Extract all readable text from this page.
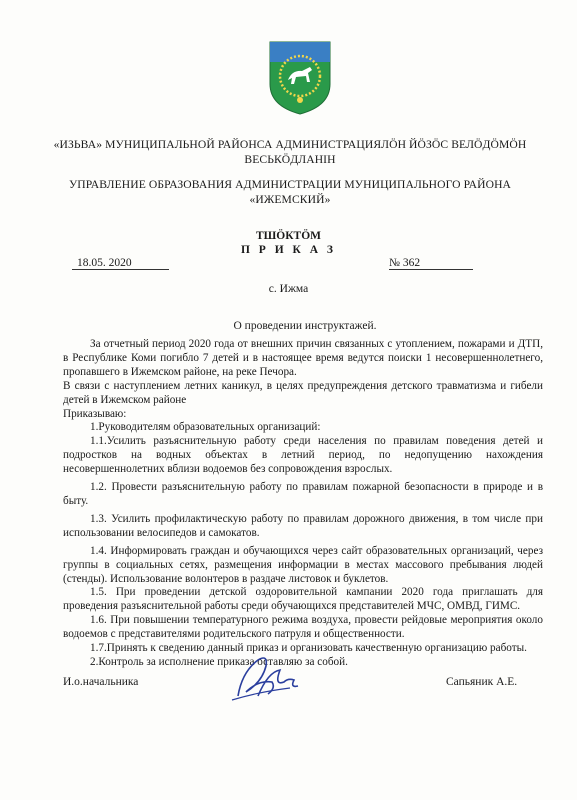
«ИЗЬВА» МУНИЦИПАЛЬНОЙ РАЙОНСА АДМИНИСТРАЦИЯЛӦН ЙӦЗӦС ВЕЛӦДӦМӦН ВЕСЬКӦДЛАНІН
УПРАВЛЕНИЕ ОБРАЗОВАНИЯ АДМИНИСТРАЦИИ МУНИЦИПАЛЬНОГО РАЙОНА «ИЖЕМСКИЙ»
ТШӦКТӦМ
П Р И К А З
18.05. 2020	№ 362
с. Ижма
О проведении инструктажей.

За отчетный период 2020 года от внешних причин связанных с утоплением, пожарами и ДТП, в Республике Коми погибло 7 детей и в настоящее время ведутся поиски 1 несовершеннолетнего, пропавшего в Ижемском районе, на реке Печора.

В связи с наступлением летних каникул, в целях предупреждения детского травматизма и гибели детей в Ижемском районе

Приказываю:

1.Руководителям образовательных организаций:

1.1.Усилить разъяснительную работу среди населения по правилам поведения детей и подростков на водных объектах в летний период, по недопущению нахождения несовершеннолетних вблизи водоемов без сопровождения взрослых.

1.2. Провести разъяснительную работу по правилам пожарной безопасности в природе и в быту.

1.3. Усилить профилактическую работу по правилам дорожного движения, в том числе при использовании велосипедов и самокатов.

1.4. Информировать граждан и обучающихся через сайт образовательных организаций, через группы в социальных сетях, размещения информации в местах массового пребывания людей (стенды). Использование волонтеров в раздаче листовок и буклетов.

1.5. При проведении детской оздоровительной кампании 2020 года приглашать для проведения разъяснительной работы среди обучающихся представителей МЧС, ОМВД, ГИМС.

1.6. При повышении температурного режима воздуха, провести рейдовые мероприятия около водоемов с представителями родительского патруля и общественности.

1.7.Принять к сведению данный приказ и организовать качественную организацию работы.

2.Контроль за исполнение приказа оставляю за собой.

И.о.начальника	Сапьяник А.Е.
